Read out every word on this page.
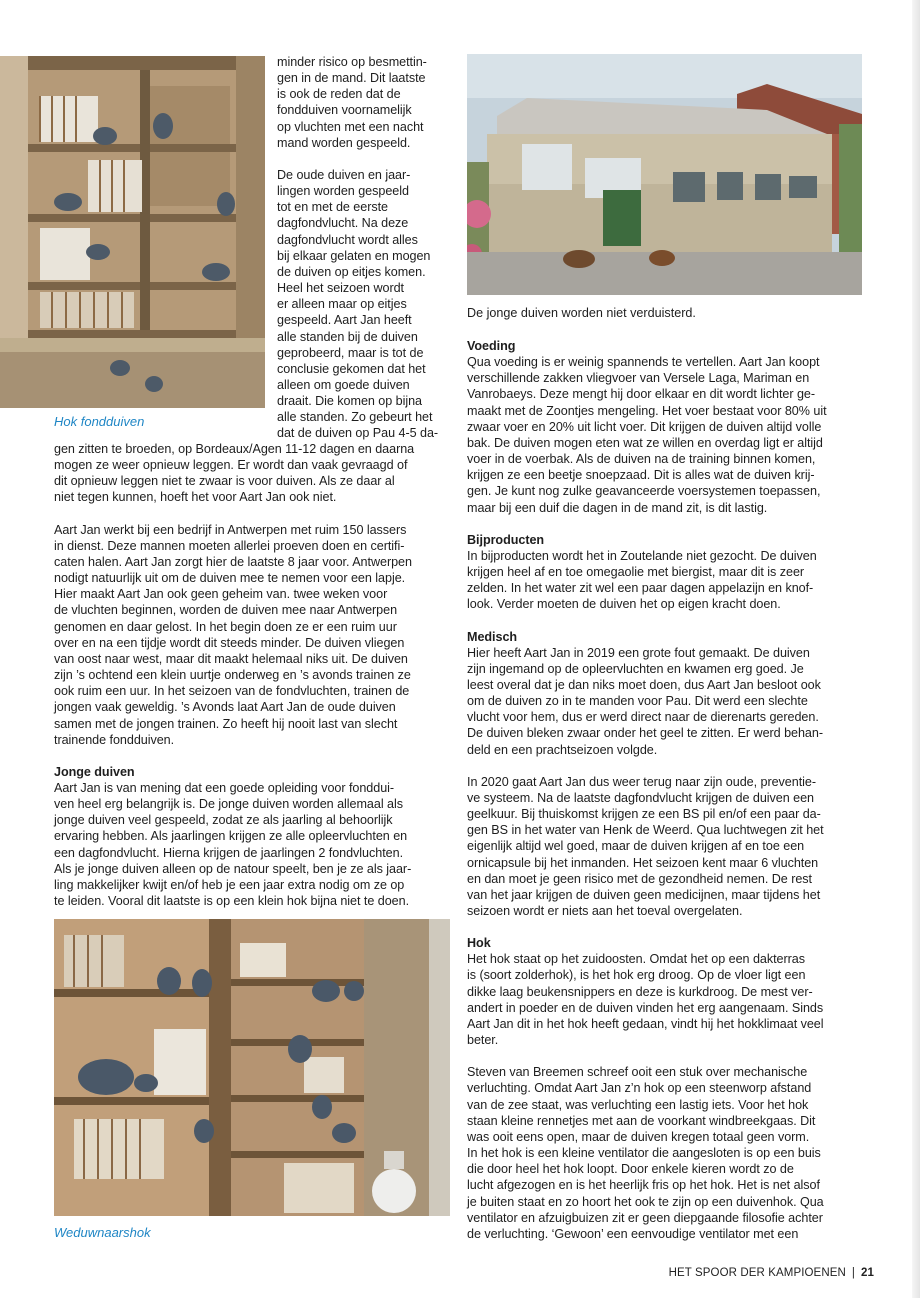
Hok fondduiven

De jonge duiven worden niet verduisterd.

Weduwnaarshok

minder risico op besmettin-
gen in de mand. Dit laatste
is ook de reden dat de
fondduiven voornamelijk
op vluchten met een nacht
mand worden gespeeld.

De oude duiven en jaar-
lingen worden gespeeld
tot en met de eerste
dagfondvlucht. Na deze
dagfondvlucht wordt alles
bij elkaar gelaten en mogen
de duiven op eitjes komen.
Heel het seizoen wordt
er alleen maar op eitjes
gespeeld. Aart Jan heeft
alle standen bij de duiven
geprobeerd, maar is tot de
conclusie gekomen dat het
alleen om goede duiven
draait. Die komen op bijna
alle standen. Zo gebeurt het
dat de duiven op Pau 4-5 da-

gen zitten te broeden, op Bordeaux/Agen 11-12 dagen en daarna
mogen ze weer opnieuw leggen. Er wordt dan vaak gevraagd of
dit opnieuw leggen niet te zwaar is voor duiven. Als ze daar al
niet tegen kunnen, hoeft het voor Aart Jan ook niet.

Aart Jan werkt bij een bedrijf in Antwerpen met ruim 150 lassers
in dienst. Deze mannen moeten allerlei proeven doen en certifi-
caten halen. Aart Jan zorgt hier de laatste 8 jaar voor. Antwerpen
nodigt natuurlijk uit om de duiven mee te nemen voor een lapje.
Hier maakt Aart Jan ook geen geheim van. twee weken voor
de vluchten beginnen, worden de duiven mee naar Antwerpen
genomen en daar gelost. In het begin doen ze er een ruim uur
over en na een tijdje wordt dit steeds minder. De duiven vliegen
van oost naar west, maar dit maakt helemaal niks uit. De duiven
zijn ’s ochtend een klein uurtje onderweg en ’s avonds trainen ze
ook ruim een uur. In het seizoen van de fondvluchten, trainen de
jongen vaak geweldig. ’s Avonds laat Aart Jan de oude duiven
samen met de jongen trainen. Zo heeft hij nooit last van slecht
trainende fondduiven.

Jonge duiven

Aart Jan is van mening dat een goede opleiding voor fonddui-
ven heel erg belangrijk is. De jonge duiven worden allemaal als
jonge duiven veel gespeeld, zodat ze als jaarling al behoorlijk
ervaring hebben. Als jaarlingen krijgen ze alle opleervluchten en
een dagfondvlucht. Hierna krijgen de jaarlingen 2 fondvluchten.
Als je jonge duiven alleen op de natour speelt, ben je ze als jaar-
ling makkelijker kwijt en/of heb je een jaar extra nodig om ze op
te leiden. Vooral dit laatste is op een klein hok bijna niet te doen.

Voeding

Qua voeding is er weinig spannends te vertellen. Aart Jan koopt
verschillende zakken vliegvoer van Versele Laga, Mariman en
Vanrobaeys. Deze mengt hij door elkaar en dit wordt lichter ge-
maakt met de Zoontjes mengeling. Het voer bestaat voor 80% uit
zwaar voer en 20% uit licht voer. Dit krijgen de duiven altijd volle
bak. De duiven mogen eten wat ze willen en overdag ligt er altijd
voer in de voerbak. Als de duiven na de training binnen komen,
krijgen ze een beetje snoepzaad. Dit is alles wat de duiven krij-
gen. Je kunt nog zulke geavanceerde voersystemen toepassen,
maar bij een duif die dagen in de mand zit, is dit lastig.

Bijproducten

In bijproducten wordt het in Zoutelande niet gezocht. De duiven
krijgen heel af en toe omegaolie met biergist, maar dit is zeer
zelden. In het water zit wel een paar dagen appelazijn en knof-
look. Verder moeten de duiven het op eigen kracht doen.

Medisch

Hier heeft Aart Jan in 2019 een grote fout gemaakt. De duiven
zijn ingemand op de opleervluchten en kwamen erg goed. Je
leest overal dat je dan niks moet doen, dus Aart Jan besloot ook
om de duiven zo in te manden voor Pau. Dit werd een slechte
vlucht voor hem, dus er werd direct naar de dierenarts gereden.
De duiven bleken zwaar onder het geel te zitten. Er werd behan-
deld en een prachtseizoen volgde.

In 2020 gaat Aart Jan dus weer terug naar zijn oude, preventie-
ve systeem. Na de laatste dagfondvlucht krijgen de duiven een
geelkuur. Bij thuiskomst krijgen ze een BS pil en/of een paar da-
gen BS in het water van Henk de Weerd. Qua luchtwegen zit het
eigenlijk altijd wel goed, maar de duiven krijgen af en toe een
ornicapsule bij het inmanden. Het seizoen kent maar 6 vluchten
en dan moet je geen risico met de gezondheid nemen. De rest
van het jaar krijgen de duiven geen medicijnen, maar tijdens het
seizoen wordt er niets aan het toeval overgelaten.

Hok

Het hok staat op het zuidoosten. Omdat het op een dakterras
is (soort zolderhok), is het hok erg droog. Op de vloer ligt een
dikke laag beukensnippers en deze is kurkdroog. De mest ver-
andert in poeder en de duiven vinden het erg aangenaam. Sinds
Aart Jan dit in het hok heeft gedaan, vindt hij het hokklimaat veel
beter.

Steven van Breemen schreef ooit een stuk over mechanische
verluchting. Omdat Aart Jan z’n hok op een steenworp afstand
van de zee staat, was verluchting een lastig iets. Voor het hok
staan kleine rennetjes met aan de voorkant windbreekgaas. Dit
was ooit eens open, maar de duiven kregen totaal geen vorm.
In het hok is een kleine ventilator die aangesloten is op een buis
die door heel het hok loopt. Door enkele kieren wordt zo de
lucht afgezogen en is het heerlijk fris op het hok. Het is net alsof
je buiten staat en zo hoort het ook te zijn op een duivenhok. Qua
ventilator en afzuigbuizen zit er geen diepgaande filosofie achter
de verluchting. ‘Gewoon’ een eenvoudige ventilator met een

HET SPOOR DER KAMPIOENEN | 21
